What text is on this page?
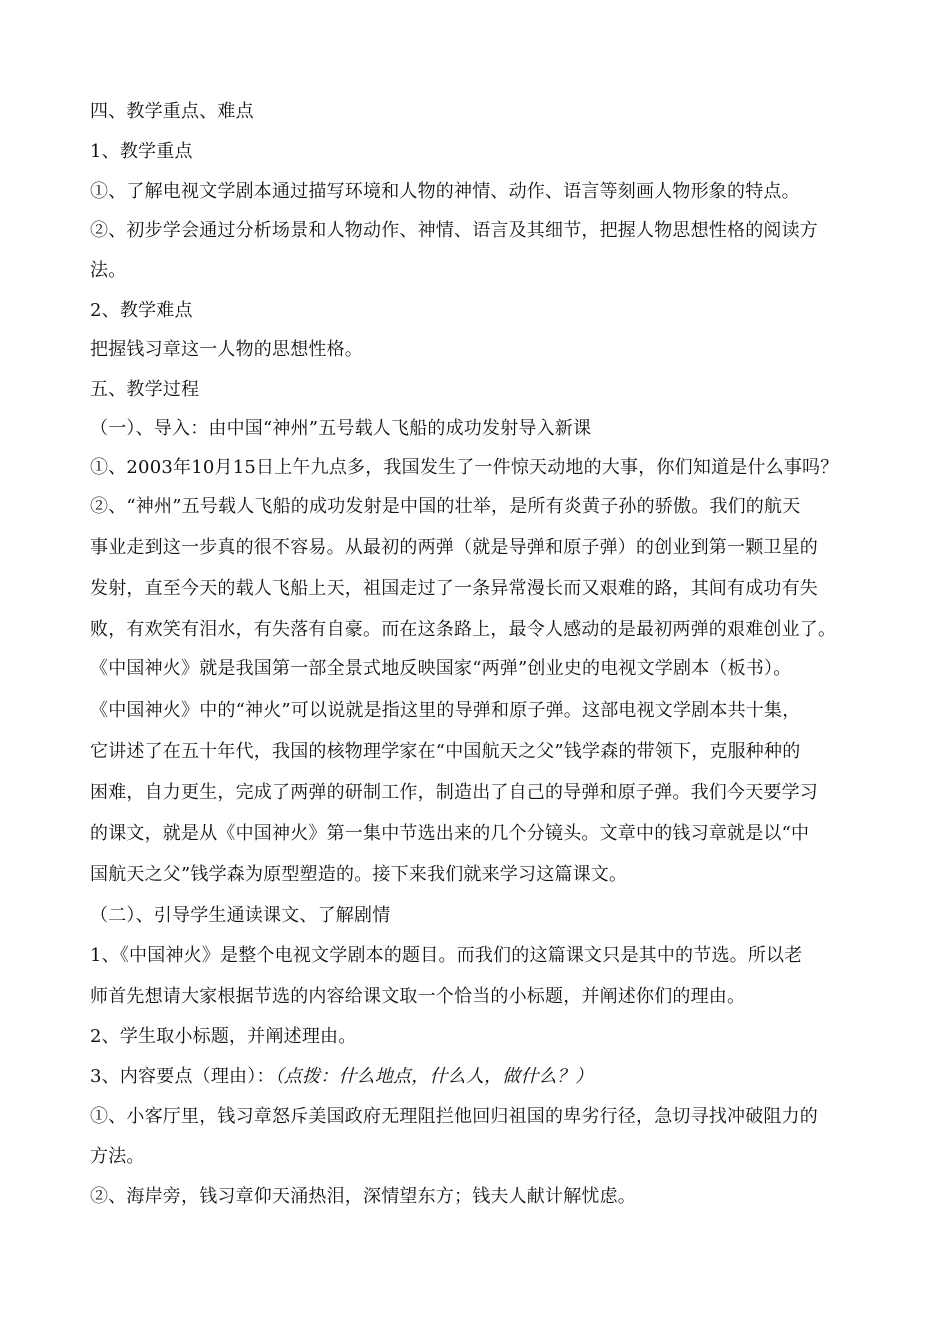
四、教学重点、难点
1、教学重点
①、了解电视文学剧本通过描写环境和人物的神情、动作、语言等刻画人物形象的特点。
②、初步学会通过分析场景和人物动作、神情、语言及其细节，把握人物思想性格的阅读方
法。
2、教学难点
把握钱习章这一人物的思想性格。
五、教学过程
（一）、导入：由中国“神州”五号载人飞船的成功发射导入新课
①、2003年10月15日上午九点多，我国发生了一件惊天动地的大事，你们知道是什么事吗？
②、“神州”五号载人飞船的成功发射是中国的壮举，是所有炎黄子孙的骄傲。我们的航天
事业走到这一步真的很不容易。从最初的两弹（就是导弹和原子弹）的创业到第一颗卫星的
发射，直至今天的载人飞船上天，祖国走过了一条异常漫长而又艰难的路，其间有成功有失
败，有欢笑有泪水，有失落有自豪。而在这条路上，最令人感动的是最初两弹的艰难创业了。
《中国神火》就是我国第一部全景式地反映国家“两弹”创业史的电视文学剧本（板书）。
《中国神火》中的“神火”可以说就是指这里的导弹和原子弹。这部电视文学剧本共十集，
它讲述了在五十年代，我国的核物理学家在“中国航天之父”钱学森的带领下，克服种种的
困难，自力更生，完成了两弹的研制工作，制造出了自己的导弹和原子弹。我们今天要学习
的课文，就是从《中国神火》第一集中节选出来的几个分镜头。文章中的钱习章就是以“中
国航天之父”钱学森为原型塑造的。接下来我们就来学习这篇课文。
（二）、引导学生通读课文、了解剧情
1、《中国神火》是整个电视文学剧本的题目。而我们的这篇课文只是其中的节选。所以老
师首先想请大家根据节选的内容给课文取一个恰当的小标题，并阐述你们的理由。
2、学生取小标题，并阐述理由。
3、内容要点（理由）：（点拨：什么地点，什么人，做什么？）
①、小客厅里，钱习章怒斥美国政府无理阻拦他回归祖国的卑劣行径，急切寻找冲破阻力的
方法。
②、海岸旁，钱习章仰天涌热泪，深情望东方；钱夫人献计解忧虑。
